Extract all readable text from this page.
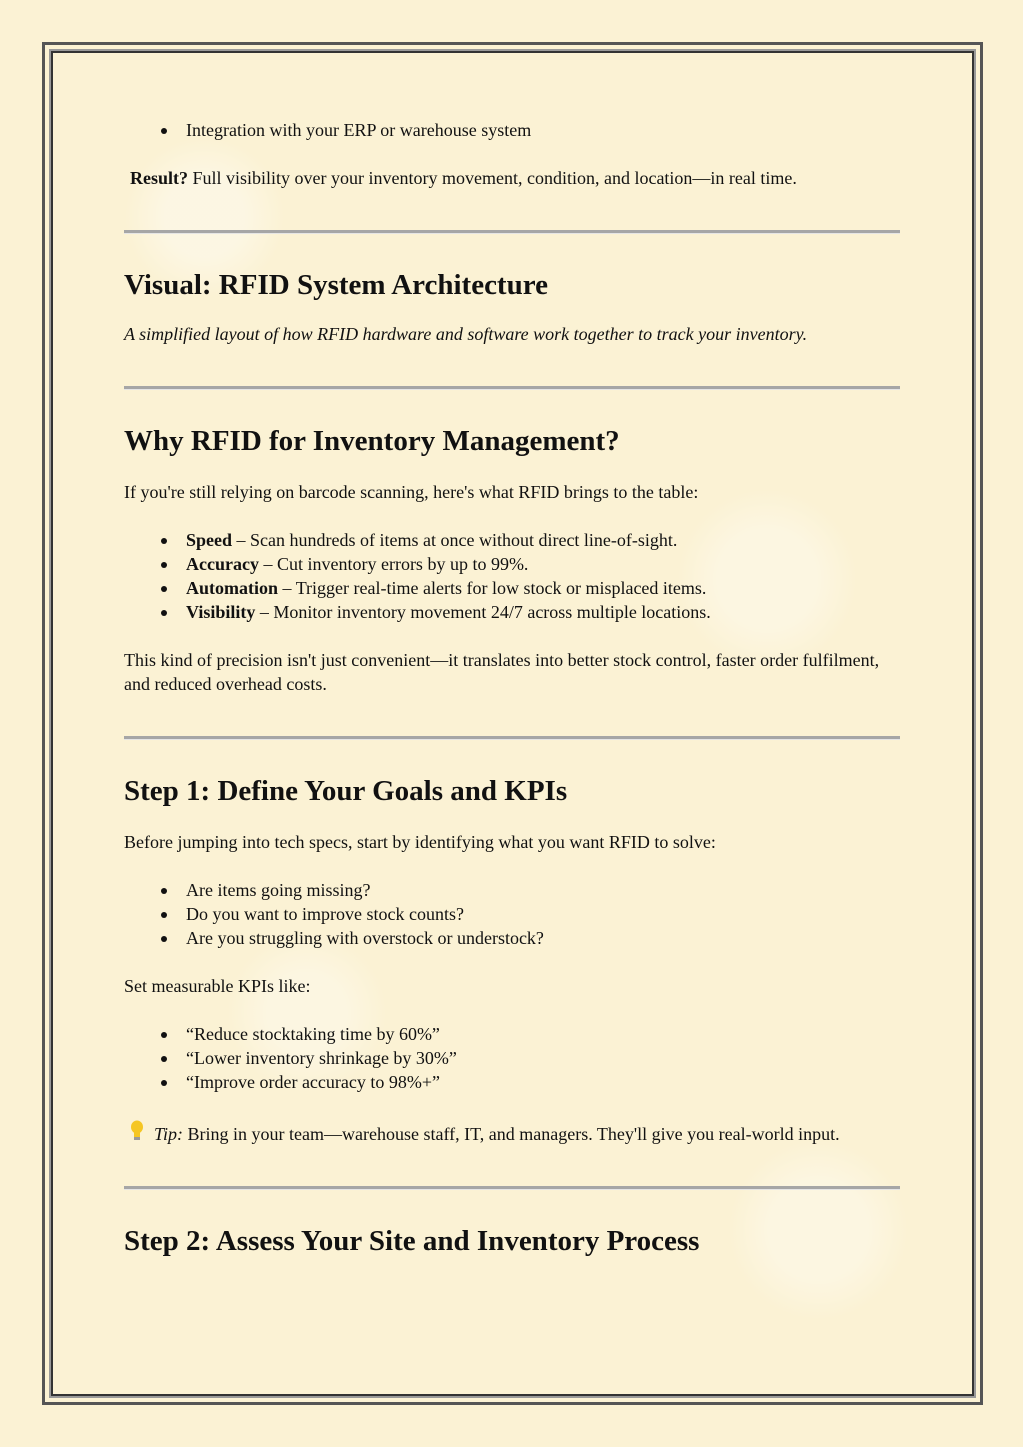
Integration with your ERP or warehouse system

Result? Full visibility over your inventory movement, condition, and location—in real time.

Visual: RFID System Architecture

A simplified layout of how RFID hardware and software work together to track your inventory.

Why RFID for Inventory Management?

If you're still relying on barcode scanning, here's what RFID brings to the table:

Speed – Scan hundreds of items at once without direct line-of-sight.
Accuracy – Cut inventory errors by up to 99%.
Automation – Trigger real-time alerts for low stock or misplaced items.
Visibility – Monitor inventory movement 24/7 across multiple locations.

This kind of precision isn't just convenient—it translates into better stock control, faster order fulfilment, and reduced overhead costs.

Step 1: Define Your Goals and KPIs

Before jumping into tech specs, start by identifying what you want RFID to solve:

Are items going missing?
Do you want to improve stock counts?
Are you struggling with overstock or understock?

Set measurable KPIs like:

“Reduce stocktaking time by 60%”
“Lower inventory shrinkage by 30%”
“Improve order accuracy to 98%+”

Tip: Bring in your team—warehouse staff, IT, and managers. They'll give you real-world input.

Step 2: Assess Your Site and Inventory Process
